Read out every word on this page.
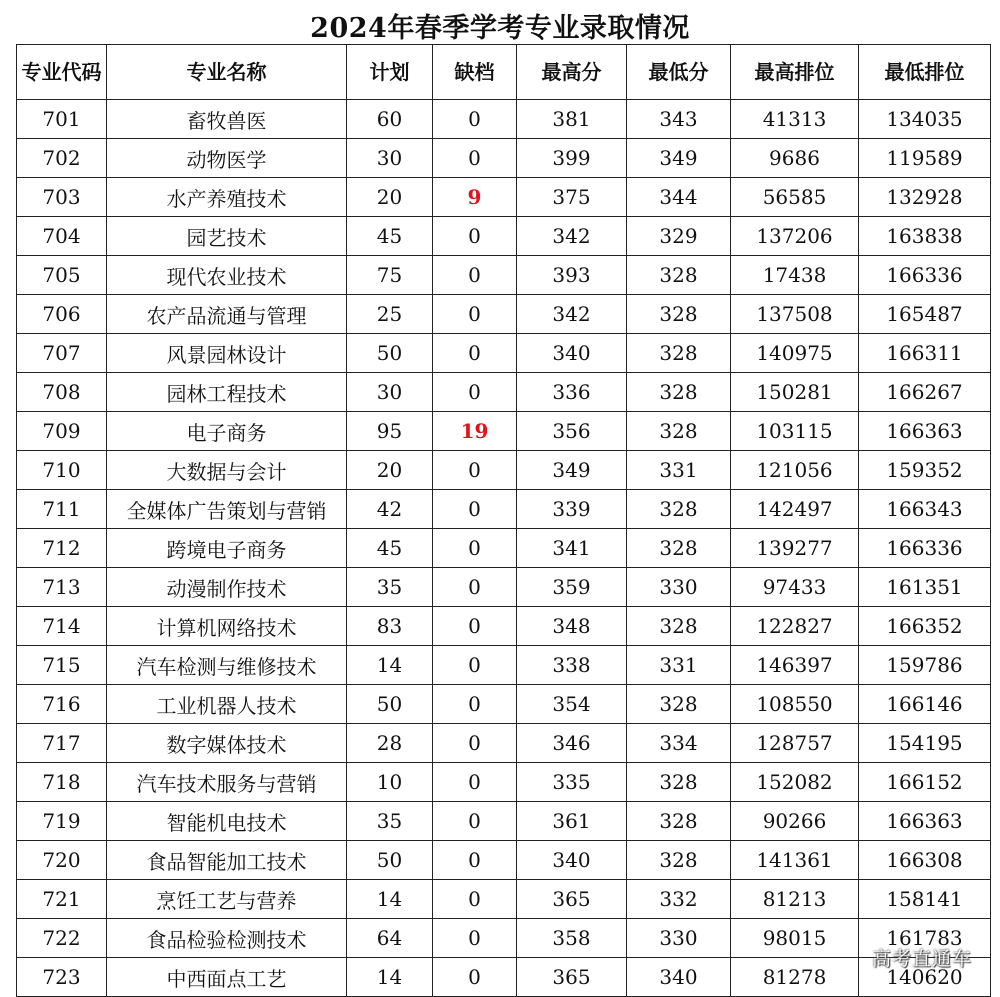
2024年春季学考专业录取情况
专业代码	专业名称	计划	缺档	最高分	最低分	最高排位	最低排位
701	畜牧兽医	60	0	381	343	41313	134035
702	动物医学	30	0	399	349	9686	119589
703	水产养殖技术	20	9	375	344	56585	132928
704	园艺技术	45	0	342	329	137206	163838
705	现代农业技术	75	0	393	328	17438	166336
706	农产品流通与管理	25	0	342	328	137508	165487
707	风景园林设计	50	0	340	328	140975	166311
708	园林工程技术	30	0	336	328	150281	166267
709	电子商务	95	19	356	328	103115	166363
710	大数据与会计	20	0	349	331	121056	159352
711	全媒体广告策划与营销	42	0	339	328	142497	166343
712	跨境电子商务	45	0	341	328	139277	166336
713	动漫制作技术	35	0	359	330	97433	161351
714	计算机网络技术	83	0	348	328	122827	166352
715	汽车检测与维修技术	14	0	338	331	146397	159786
716	工业机器人技术	50	0	354	328	108550	166146
717	数字媒体技术	28	0	346	334	128757	154195
718	汽车技术服务与营销	10	0	335	328	152082	166152
719	智能机电技术	35	0	361	328	90266	166363
720	食品智能加工技术	50	0	340	328	141361	166308
721	烹饪工艺与营养	14	0	365	332	81213	158141
722	食品检验检测技术	64	0	358	330	98015	161783
723	中西面点工艺	14	0	365	340	81278	140620
高考直通车
